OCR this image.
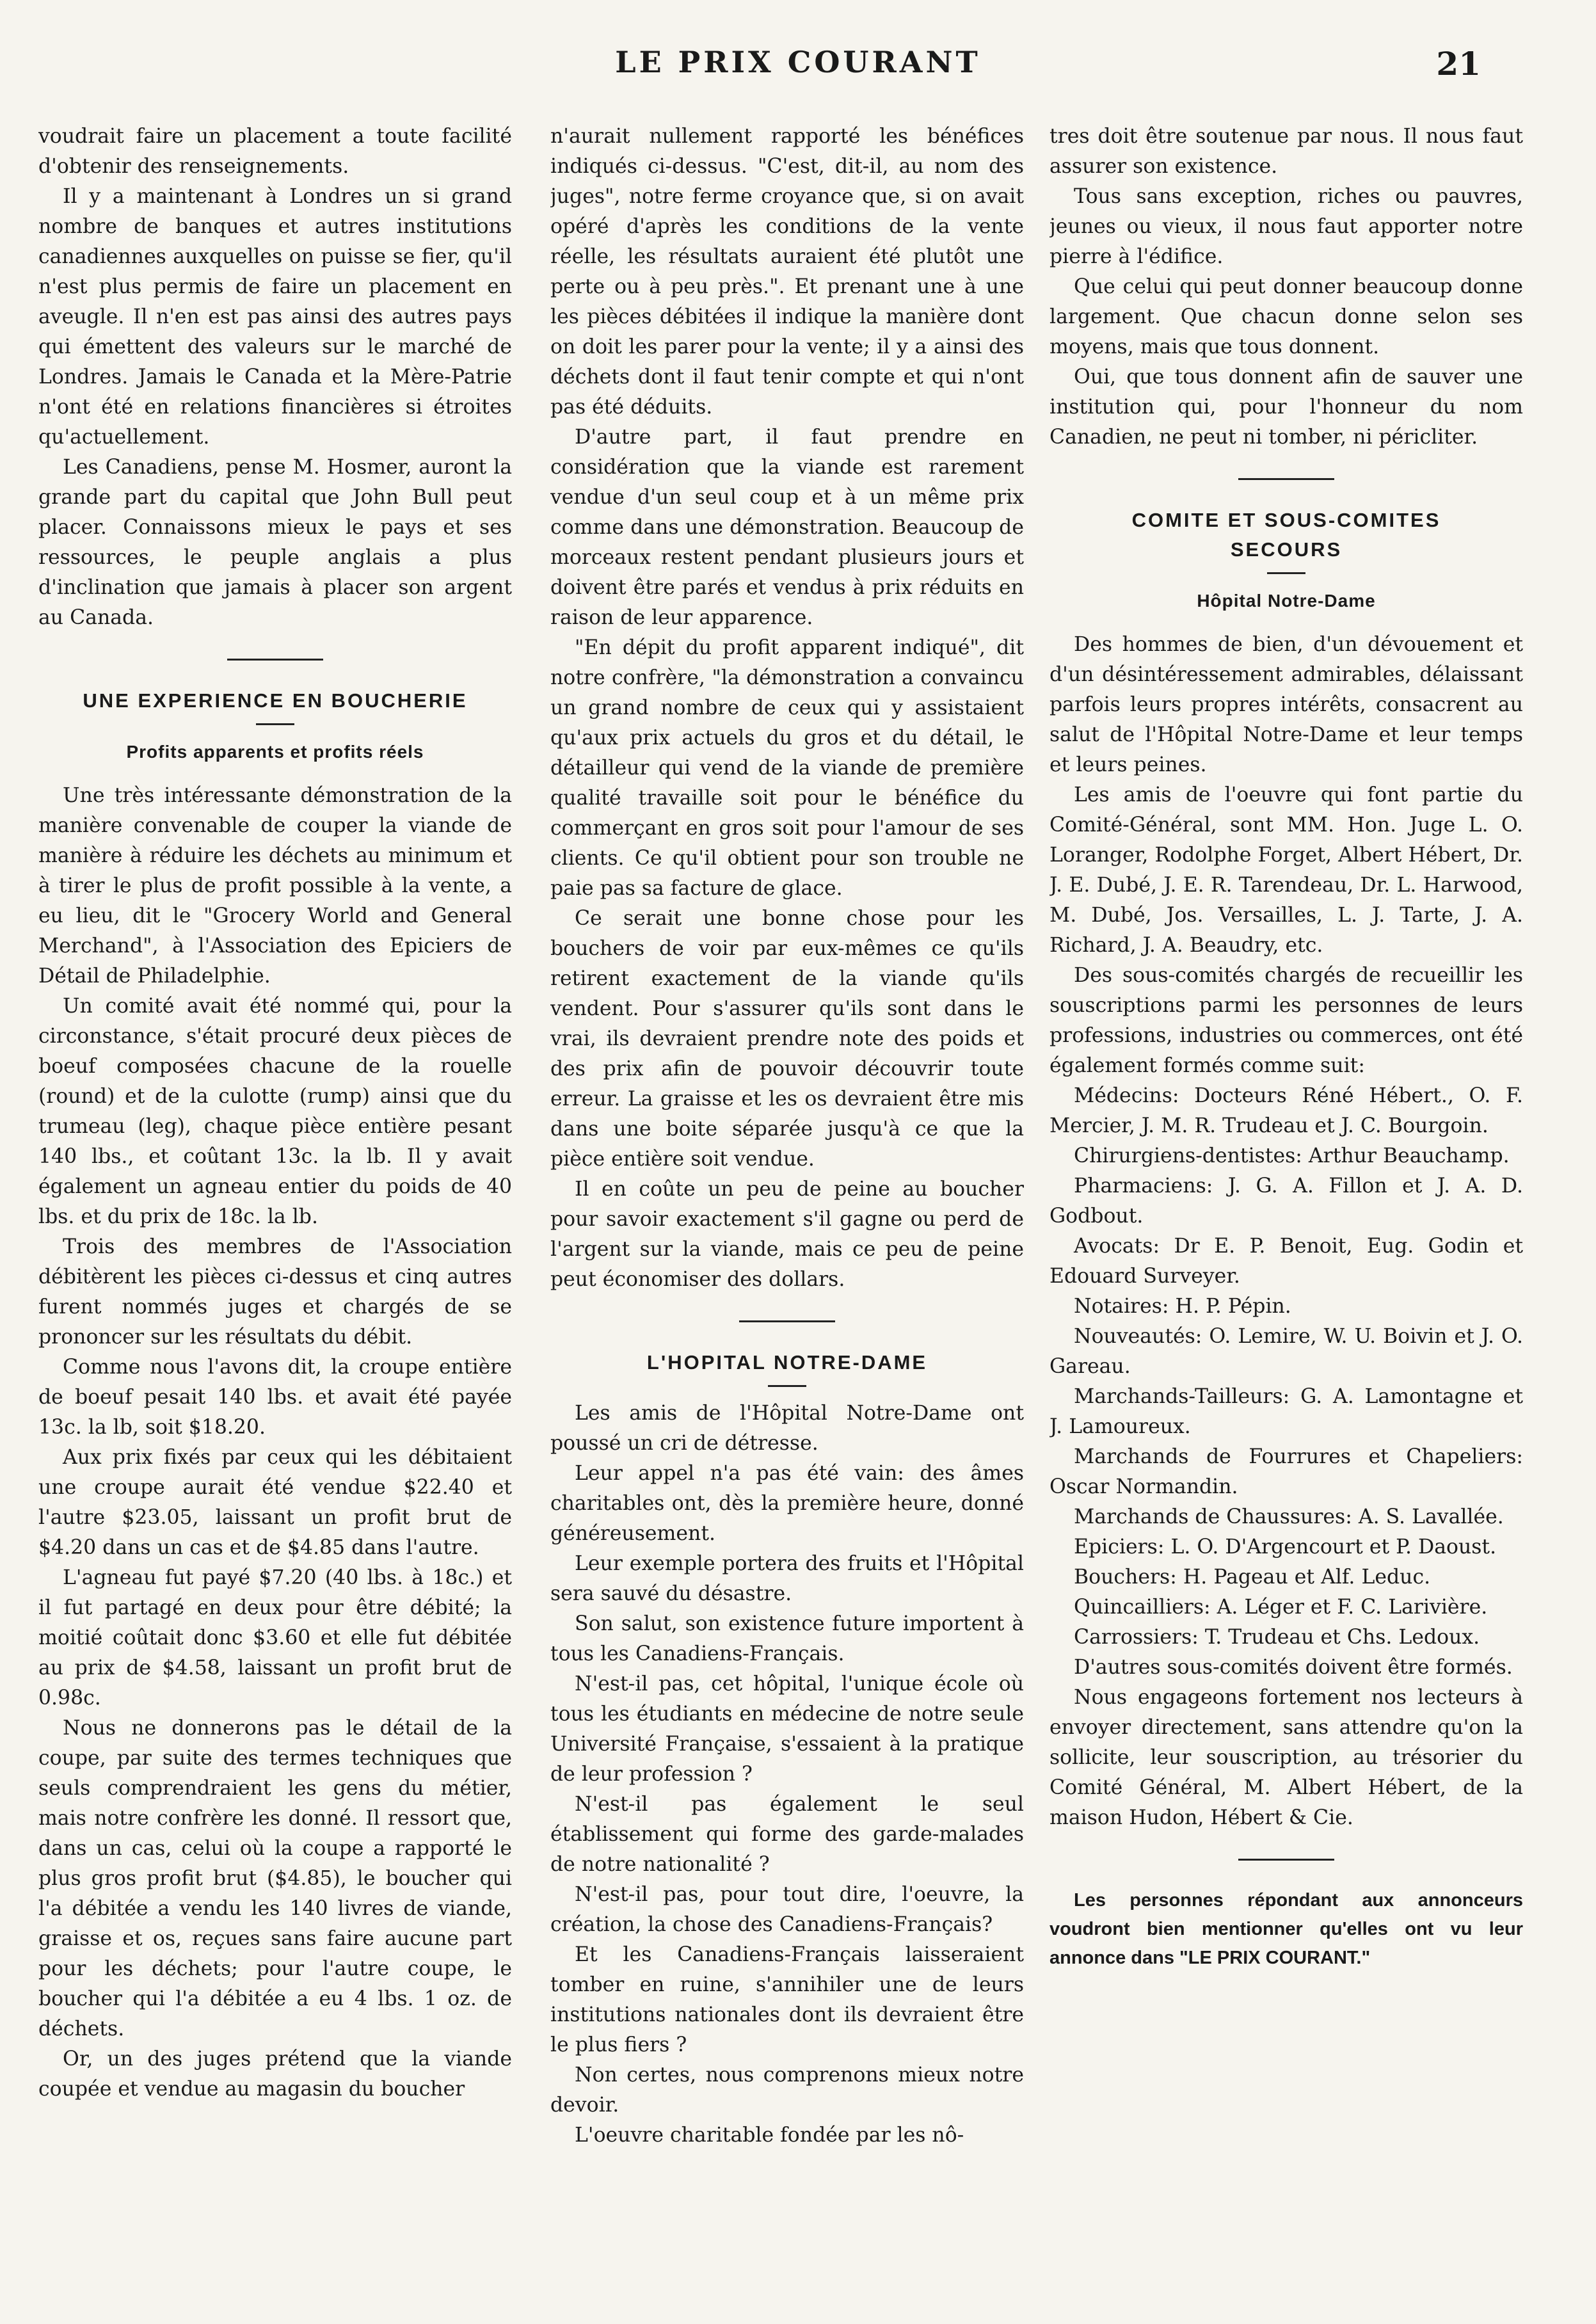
LE PRIX COURANT	21

voudrait faire un placement a toute facilité d'obtenir des renseignements.

Il y a maintenant à Londres un si grand nombre de banques et autres institutions canadiennes auxquelles on puisse se fier, qu'il n'est plus permis de faire un placement en aveugle. Il n'en est pas ainsi des autres pays qui émettent des valeurs sur le marché de Londres. Jamais le Canada et la Mère-Patrie n'ont été en relations financières si étroites qu'actuellement.

Les Canadiens, pense M. Hosmer, auront la grande part du capital que John Bull peut placer. Connaissons mieux le pays et ses ressources, le peuple anglais a plus d'inclination que jamais à placer son argent au Canada.

UNE EXPERIENCE EN BOUCHERIE
Profits apparents et profits réels

Une très intéressante démonstration de la manière convenable de couper la viande de manière à réduire les déchets au minimum et à tirer le plus de profit possible à la vente, a eu lieu, dit le "Grocery World and General Merchand", à l'Association des Epiciers de Détail de Philadelphie.

Un comité avait été nommé qui, pour la circonstance, s'était procuré deux pièces de boeuf composées chacune de la rouelle (round) et de la culotte (rump) ainsi que du trumeau (leg), chaque pièce entière pesant 140 lbs., et coûtant 13c. la lb. Il y avait également un agneau entier du poids de 40 lbs. et du prix de 18c. la lb.

Trois des membres de l'Association débitèrent les pièces ci-dessus et cinq autres furent nommés juges et chargés de se prononcer sur les résultats du débit.

Comme nous l'avons dit, la croupe entière de boeuf pesait 140 lbs. et avait été payée 13c. la lb, soit $18.20.

Aux prix fixés par ceux qui les débitaient une croupe aurait été vendue $22.40 et l'autre $23.05, laissant un profit brut de $4.20 dans un cas et de $4.85 dans l'autre.

L'agneau fut payé $7.20 (40 lbs. à 18c.) et il fut partagé en deux pour être débité; la moitié coûtait donc $3.60 et elle fut débitée au prix de $4.58, laissant un profit brut de 0.98c.

Nous ne donnerons pas le détail de la coupe, par suite des termes techniques que seuls comprendraient les gens du métier, mais notre confrère les donné. Il ressort que, dans un cas, celui où la coupe a rapporté le plus gros profit brut ($4.85), le boucher qui l'a débitée a vendu les 140 livres de viande, graisse et os, reçues sans faire aucune part pour les déchets; pour l'autre coupe, le boucher qui l'a débitée a eu 4 lbs. 1 oz. de déchets.

Or, un des juges prétend que la viande coupée et vendue au magasin du boucher

n'aurait nullement rapporté les bénéfices indiqués ci-dessus. "C'est, dit-il, au nom des juges", notre ferme croyance que, si on avait opéré d'après les conditions de la vente réelle, les résultats auraient été plutôt une perte ou à peu près.". Et prenant une à une les pièces débitées il indique la manière dont on doit les parer pour la vente; il y a ainsi des déchets dont il faut tenir compte et qui n'ont pas été déduits.

D'autre part, il faut prendre en considération que la viande est rarement vendue d'un seul coup et à un même prix comme dans une démonstration. Beaucoup de morceaux restent pendant plusieurs jours et doivent être parés et vendus à prix réduits en raison de leur apparence.

"En dépit du profit apparent indiqué", dit notre confrère, "la démonstration a convaincu un grand nombre de ceux qui y assistaient qu'aux prix actuels du gros et du détail, le détailleur qui vend de la viande de première qualité travaille soit pour le bénéfice du commerçant en gros soit pour l'amour de ses clients. Ce qu'il obtient pour son trouble ne paie pas sa facture de glace.

Ce serait une bonne chose pour les bouchers de voir par eux-mêmes ce qu'ils retirent exactement de la viande qu'ils vendent. Pour s'assurer qu'ils sont dans le vrai, ils devraient prendre note des poids et des prix afin de pouvoir découvrir toute erreur. La graisse et les os devraient être mis dans une boite séparée jusqu'à ce que la pièce entière soit vendue.

Il en coûte un peu de peine au boucher pour savoir exactement s'il gagne ou perd de l'argent sur la viande, mais ce peu de peine peut économiser des dollars.

L'HOPITAL NOTRE-DAME

Les amis de l'Hôpital Notre-Dame ont poussé un cri de détresse.

Leur appel n'a pas été vain: des âmes charitables ont, dès la première heure, donné généreusement.

Leur exemple portera des fruits et l'Hôpital sera sauvé du désastre.

Son salut, son existence future importent à tous les Canadiens-Français.

N'est-il pas, cet hôpital, l'unique école où tous les étudiants en médecine de notre seule Université Française, s'essaient à la pratique de leur profession ?

N'est-il pas également le seul établissement qui forme des garde-malades de notre nationalité ?

N'est-il pas, pour tout dire, l'oeuvre, la création, la chose des Canadiens-Français?

Et les Canadiens-Français laisseraient tomber en ruine, s'annihiler une de leurs institutions nationales dont ils devraient être le plus fiers ?

Non certes, nous comprenons mieux notre devoir.

L'oeuvre charitable fondée par les nô-

tres doit être soutenue par nous. Il nous faut assurer son existence.

Tous sans exception, riches ou pauvres, jeunes ou vieux, il nous faut apporter notre pierre à l'édifice.

Que celui qui peut donner beaucoup donne largement. Que chacun donne selon ses moyens, mais que tous donnent.

Oui, que tous donnent afin de sauver une institution qui, pour l'honneur du nom Canadien, ne peut ni tomber, ni péricliter.

COMITE ET SOUS-COMITES
SECOURS
Hôpital Notre-Dame

Des hommes de bien, d'un dévouement et d'un désintéressement admirables, délaissant parfois leurs propres intérêts, consacrent au salut de l'Hôpital Notre-Dame et leur temps et leurs peines.

Les amis de l'oeuvre qui font partie du Comité-Général, sont MM. Hon. Juge L. O. Loranger, Rodolphe Forget, Albert Hébert, Dr. J. E. Dubé, J. E. R. Tarendeau, Dr. L. Harwood, M. Dubé, Jos. Versailles, L. J. Tarte, J. A. Richard, J. A. Beaudry, etc.

Des sous-comités chargés de recueillir les souscriptions parmi les personnes de leurs professions, industries ou commerces, ont été également formés comme suit:

Médecins: Docteurs Réné Hébert., O. F. Mercier, J. M. R. Trudeau et J. C. Bourgoin.

Chirurgiens-dentistes: Arthur Beauchamp.

Pharmaciens: J. G. A. Fillon et J. A. D. Godbout.

Avocats: Dr E. P. Benoit, Eug. Godin et Edouard Surveyer.

Notaires: H. P. Pépin.

Nouveautés: O. Lemire, W. U. Boivin et J. O. Gareau.

Marchands-Tailleurs: G. A. Lamontagne et J. Lamoureux.

Marchands de Fourrures et Chapeliers: Oscar Normandin.

Marchands de Chaussures: A. S. Lavallée.

Epiciers: L. O. D'Argencourt et P. Daoust.

Bouchers: H. Pageau et Alf. Leduc.

Quincailliers: A. Léger et F. C. Larivière.

Carrossiers: T. Trudeau et Chs. Ledoux.

D'autres sous-comités doivent être formés.

Nous engageons fortement nos lecteurs à envoyer directement, sans attendre qu'on la sollicite, leur souscription, au trésorier du Comité Général, M. Albert Hébert, de la maison Hudon, Hébert & Cie.

Les personnes répondant aux annonceurs voudront bien mentionner qu'elles ont vu leur annonce dans "LE PRIX COURANT."
